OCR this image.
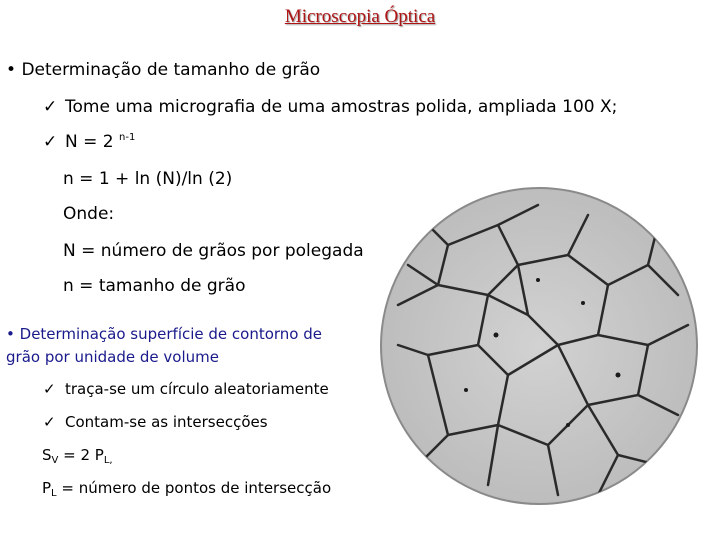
Microscopia Óptica
• Determinação de tamanho de grão
✓ Tome uma micrografia de uma amostras polida, ampliada 100 X;
✓ N = 2 $^{n-1}$
n = 1 + ln (N)/ln (2)
Onde:
N = número de grãos por polegada
n = tamanho de grão
• Determinação superfície de contorno de
grão por unidade de volume
✓ traça-se um círculo aleatoriamente
✓ Contam-se as intersecções
$S_V = 2$ $P_{L,}$
$P_L$ = número de pontos de intersecção
